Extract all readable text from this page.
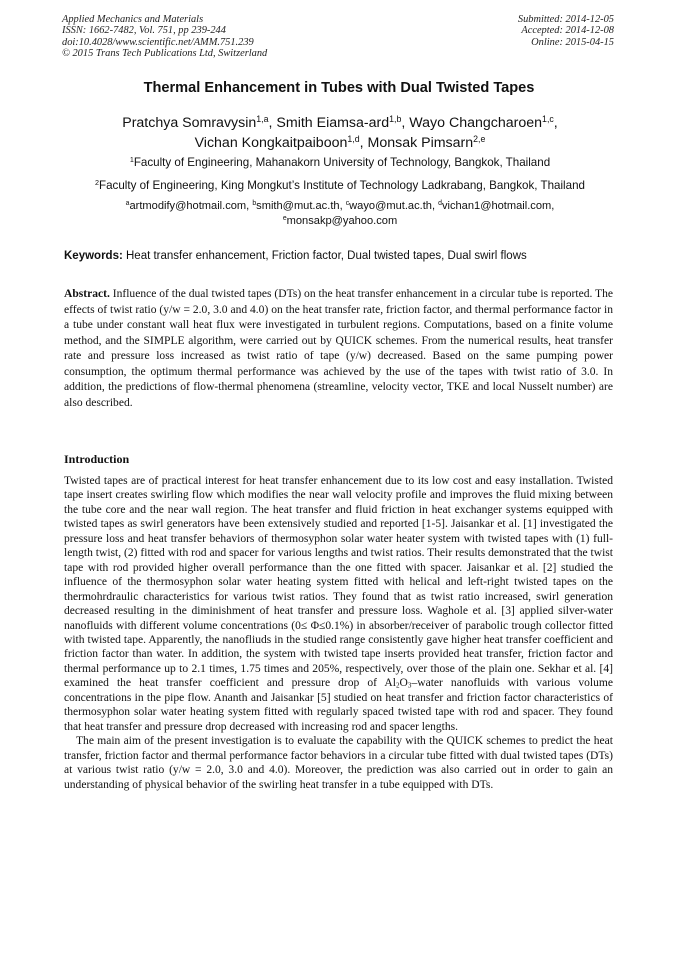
Applied Mechanics and Materials
ISSN: 1662-7482, Vol. 751, pp 239-244
doi:10.4028/www.scientific.net/AMM.751.239
© 2015 Trans Tech Publications Ltd, Switzerland
Submitted: 2014-12-05
Accepted: 2014-12-08
Online: 2015-04-15
Thermal Enhancement in Tubes with Dual Twisted Tapes
Pratchya Somravysin$^{1,a}$, Smith Eiamsa-ard$^{1,b}$, Wayo Changcharoen$^{1,c}$,
Vichan Kongkaitpaiboon$^{1,d}$, Monsak Pimsarn$^{2,e}$
$^1$Faculty of Engineering, Mahanakorn University of Technology, Bangkok, Thailand
$^2$Faculty of Engineering, King Mongkut’s Institute of Technology Ladkrabang, Bangkok, Thailand
$^a$artmodify@hotmail.com, $^b$smith@mut.ac.th, $^c$wayo@mut.ac.th, $^d$vichan1@hotmail.com,
$^e$monsakp@yahoo.com
Keywords: Heat transfer enhancement, Friction factor, Dual twisted tapes, Dual swirl flows
Abstract. Influence of the dual twisted tapes (DTs) on the heat transfer enhancement in a circular tube is reported. The effects of twist ratio (y/w = 2.0, 3.0 and 4.0) on the heat transfer rate, friction factor, and thermal performance factor in a tube under constant wall heat flux were investigated in turbulent regions. Computations, based on a finite volume method, and the SIMPLE algorithm, were carried out by QUICK schemes. From the numerical results, heat transfer rate and pressure loss increased as twist ratio of tape (y/w) decreased. Based on the same pumping power consumption, the optimum thermal performance was achieved by the use of the tapes with twist ratio of 3.0. In addition, the predictions of flow-thermal phenomena (streamline, velocity vector, TKE and local Nusselt number) are also described.
Introduction

Twisted tapes are of practical interest for heat transfer enhancement due to its low cost and easy installation. Twisted tape insert creates swirling flow which modifies the near wall velocity profile and improves the fluid mixing between the tube core and the near wall region. The heat transfer and fluid friction in heat exchanger systems equipped with twisted tapes as swirl generators have been extensively studied and reported [1-5]. Jaisankar et al. [1] investigated the pressure loss and heat transfer behaviors of thermosyphon solar water heater system with twisted tapes with (1) full-length twist, (2) fitted with rod and spacer for various lengths and twist ratios. Their results demonstrated that the twist tape with rod provided higher overall performance than the one fitted with spacer. Jaisankar et al. [2] studied the influence of the thermosyphon solar water heating system fitted with helical and left-right twisted tapes on the thermohrdraulic characteristics for various twist ratios. They found that as twist ratio increased, swirl generation decreased resulting in the diminishment of heat transfer and pressure loss. Waghole et al. [3] applied silver-water nanofluids with different volume concentrations (0≤ Φ≤0.1%) in absorber/receiver of parabolic trough collector fitted with twisted tape. Apparently, the nanofliuds in the studied range consistently gave higher heat transfer coefficient and friction factor than water. In addition, the system with twisted tape inserts provided heat transfer, friction factor and thermal performance up to 2.1 times, 1.75 times and 205%, respectively, over those of the plain one. Sekhar et al. [4] examined the heat transfer coefficient and pressure drop of $Al_2O_3$–water nanofluids with various volume concentrations in the pipe flow. Ananth and Jaisankar [5] studied on heat transfer and friction factor characteristics of thermosyphon solar water heating system fitted with regularly spaced twisted tape with rod and spacer. They found that heat transfer and pressure drop decreased with increasing rod and spacer lengths.

The main aim of the present investigation is to evaluate the capability with the QUICK schemes to predict the heat transfer, friction factor and thermal performance factor behaviors in a circular tube fitted with dual twisted tapes (DTs) at various twist ratio (y/w = 2.0, 3.0 and 4.0). Moreover, the prediction was also carried out in order to gain an understanding of physical behavior of the swirling heat transfer in a tube equipped with DTs.
